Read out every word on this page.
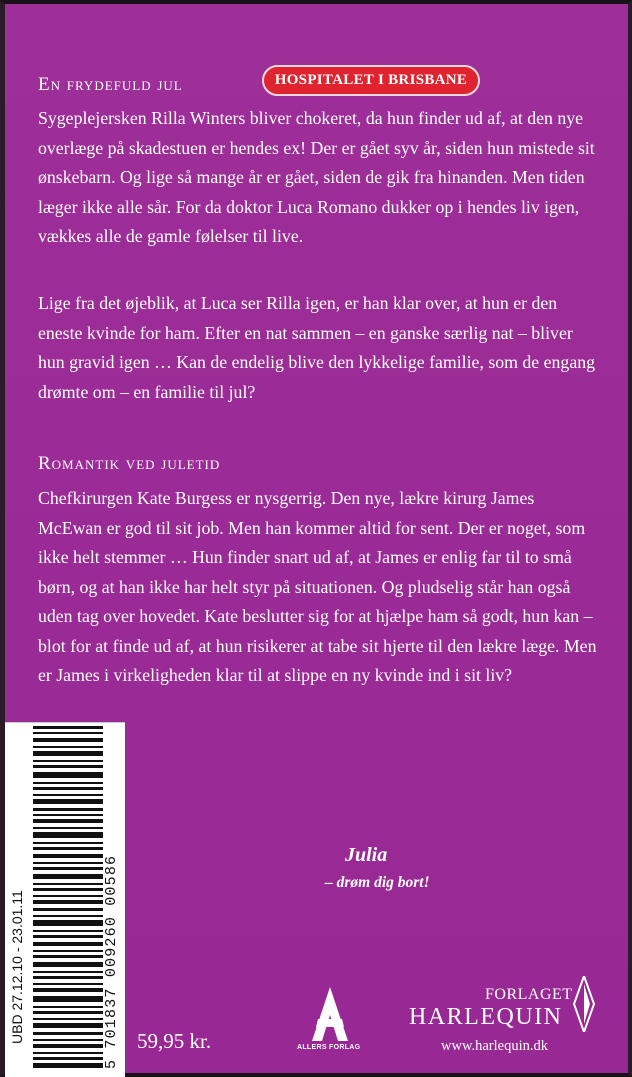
En frydefuld jul	HOSPITALET I BRISBANE

Sygeplejersken Rilla Winters bliver chokeret, da hun finder ud af, at den nye overlæge på skadestuen er hendes ex! Der er gået syv år, siden hun mistede sit ønskebarn. Og lige så mange år er gået, siden de gik fra hinanden. Men tiden læger ikke alle sår. For da doktor Luca Romano dukker op i hendes liv igen, vækkes alle de gamle følelser til live.

Lige fra det øjeblik, at Luca ser Rilla igen, er han klar over, at hun er den eneste kvinde for ham. Efter en nat sammen – en ganske særlig nat – bliver hun gravid igen … Kan de endelig blive den lykkelige familie, som de engang drømte om – en familie til jul?

Romantik ved juletid

Chefkirurgen Kate Burgess er nysgerrig. Den nye, lækre kirurg James McEwan er god til sit job. Men han kommer altid for sent. Der er noget, som ikke helt stemmer … Hun finder snart ud af, at James er enlig far til to små børn, og at han ikke har helt styr på situationen. Og pludselig står han også uden tag over hovedet. Kate beslutter sig for at hjælpe ham så godt, hun kan – blot for at finde ud af, at hun risikerer at tabe sit hjerte til den lækre læge. Men er James i virkeligheden klar til at slippe en ny kvinde ind i sit liv?

Julia
– drøm dig bort!
UBD 27.12.10 - 23.01.11	5 701837 009260 00586 59,95 kr.	ALLERS FORLAG
FORLAGET
HARLEQUIN
www.harlequin.dk
